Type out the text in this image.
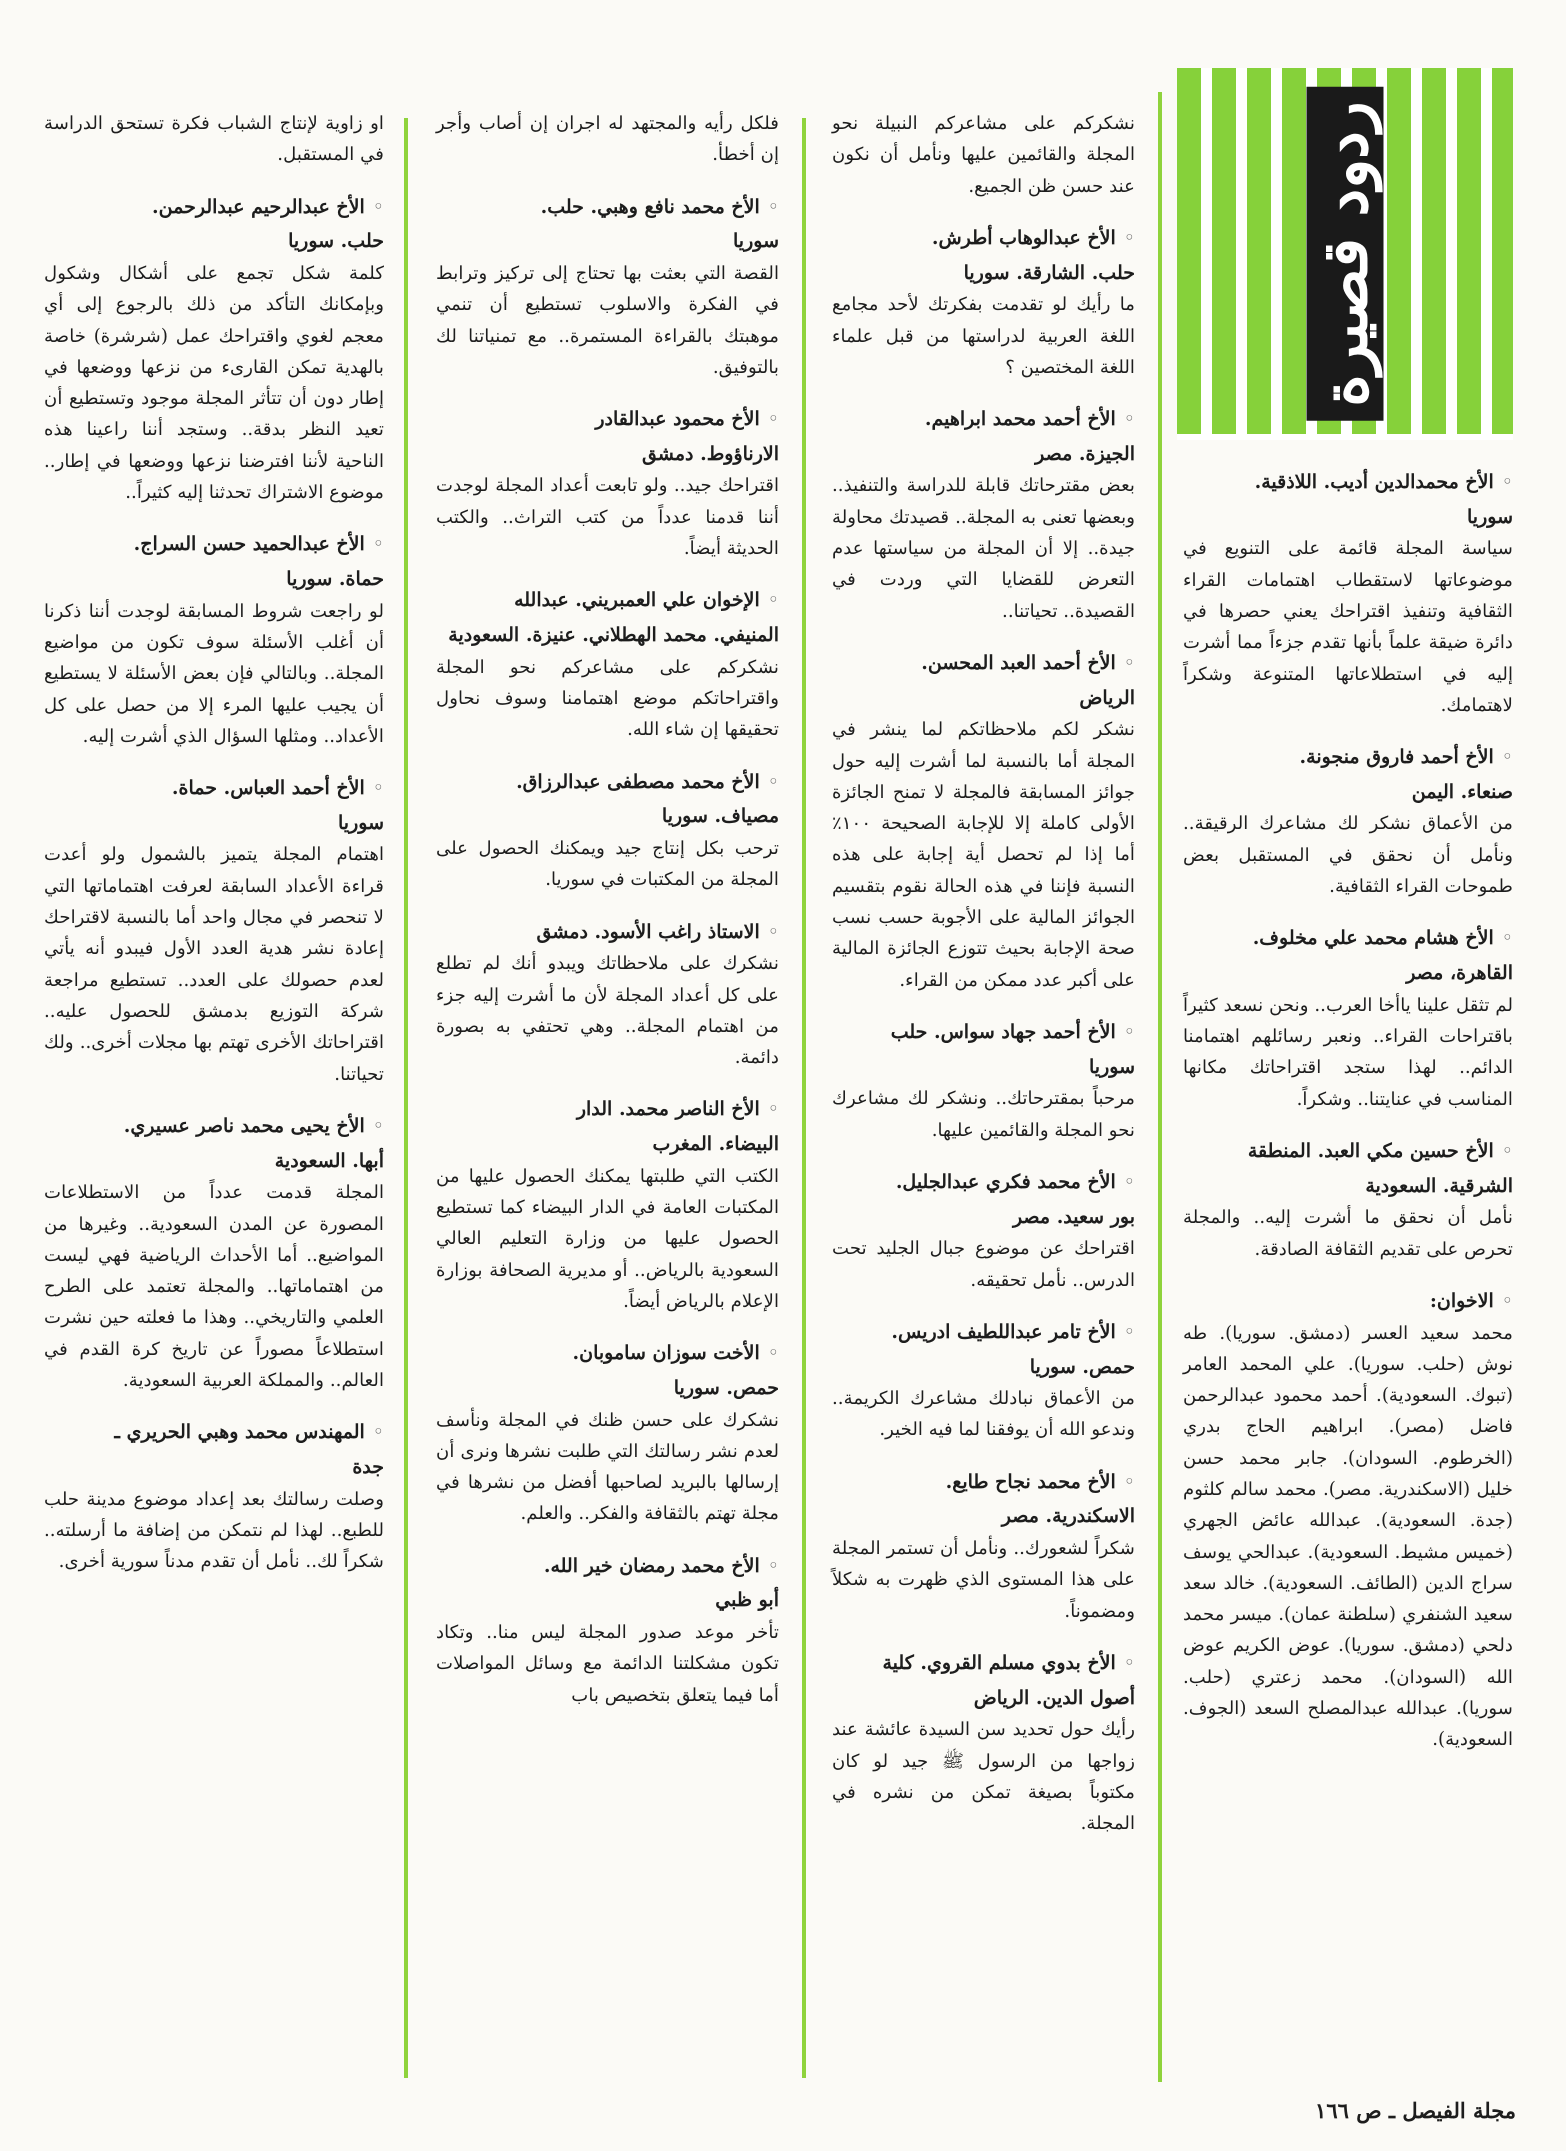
ردود قصيرة

◦الأخ محمدالدين أديب. اللاذقية.

سوريا

سياسة المجلة قائمة على التنويع في موضوعاتها لاستقطاب اهتمامات القراء الثقافية وتنفيذ اقتراحك يعني حصرها في دائرة ضيقة علماً بأنها تقدم جزءاً مما أشرت إليه في استطلاعاتها المتنوعة وشكراً لاهتمامك.

◦الأخ أحمد فاروق منجونة.

صنعاء. اليمن

من الأعماق نشكر لك مشاعرك الرقيقة.. ونأمل أن نحقق في المستقبل بعض طموحات القراء الثقافية.

◦الأخ هشام محمد علي مخلوف.

القاهرة، مصر

لم تثقل علينا ياأخا العرب.. ونحن نسعد كثيراً باقتراحات القراء.. ونعبر رسائلهم اهتمامنا الدائم.. لهذا ستجد اقتراحاتك مكانها المناسب في عنايتنا.. وشكراً.

◦الأخ حسين مكي العبد. المنطقة

الشرقية. السعودية

نأمل أن نحقق ما أشرت إليه.. والمجلة تحرص على تقديم الثقافة الصادقة.

◦الاخوان:

محمد سعيد العسر (دمشق. سوريا). طه نوش (حلب. سوريا). علي المحمد العامر (تبوك. السعودية). أحمد محمود عبدالرحمن فاضل (مصر). ابراهيم الحاج بدري (الخرطوم. السودان). جابر محمد حسن خليل (الاسكندرية. مصر). محمد سالم كلثوم (جدة. السعودية). عبدالله عائض الجهري (خميس مشيط. السعودية). عبدالحي يوسف سراج الدين (الطائف. السعودية). خالد سعد سعيد الشنفري (سلطنة عمان). ميسر محمد دلحي (دمشق. سوريا). عوض الكريم عوض الله (السودان). محمد زعتري (حلب. سوريا). عبدالله عبدالمصلح السعد (الجوف. السعودية).

نشكركم على مشاعركم النبيلة نحو المجلة والقائمين عليها ونأمل أن نكون عند حسن ظن الجميع.

◦الأخ عبدالوهاب أطرش.

حلب. الشارقة. سوريا

ما رأيك لو تقدمت بفكرتك لأحد مجامع اللغة العربية لدراستها من قبل علماء اللغة المختصين ؟

◦الأخ أحمد محمد ابراهيم.

الجيزة. مصر

بعض مقترحاتك قابلة للدراسة والتنفيذ.. وبعضها تعنى به المجلة.. قصيدتك محاولة جيدة.. إلا أن المجلة من سياستها عدم التعرض للقضايا التي وردت في القصيدة.. تحياتنا..

◦الأخ أحمد العبد المحسن.

الرياض

نشكر لكم ملاحظاتكم لما ينشر في المجلة أما بالنسبة لما أشرت إليه حول جوائز المسابقة فالمجلة لا تمنح الجائزة الأولى كاملة إلا للإجابة الصحيحة ١٠٠٪ أما إذا لم تحصل أية إجابة على هذه النسبة فإننا في هذه الحالة نقوم بتقسيم الجوائز المالية على الأجوبة حسب نسب صحة الإجابة بحيث تتوزع الجائزة المالية على أكبر عدد ممكن من القراء.

◦الأخ أحمد جهاد سواس. حلب

سوريا

مرحباً بمقترحاتك.. ونشكر لك مشاعرك نحو المجلة والقائمين عليها.

◦الأخ محمد فكري عبدالجليل.

بور سعيد. مصر

اقتراحك عن موضوع جبال الجليد تحت الدرس.. نأمل تحقيقه.

◦الأخ تامر عبداللطيف ادريس.

حمص. سوريا

من الأعماق نبادلك مشاعرك الكريمة.. وندعو الله أن يوفقنا لما فيه الخير.

◦الأخ محمد نجاح طايع.

الاسكندرية. مصر

شكراً لشعورك.. ونأمل أن تستمر المجلة على هذا المستوى الذي ظهرت به شكلاً ومضموناً.

◦الأخ بدوي مسلم القروي. كلية

أصول الدين. الرياض

رأيك حول تحديد سن السيدة عائشة عند زواجها من الرسول ﷺ جيد لو كان مكتوباً بصيغة تمكن من نشره في المجلة.

فلكل رأيه والمجتهد له اجران إن أصاب وأجر إن أخطأ.

◦الأخ محمد نافع وهبي. حلب.

سوريا

القصة التي بعثت بها تحتاج إلى تركيز وترابط في الفكرة والاسلوب تستطيع أن تنمي موهبتك بالقراءة المستمرة.. مع تمنياتنا لك بالتوفيق.

◦الأخ محمود عبدالقادر

الارناؤوط. دمشق

اقتراحك جيد.. ولو تابعت أعداد المجلة لوجدت أننا قدمنا عدداً من كتب التراث.. والكتب الحديثة أيضاً.

◦الإخوان علي العمبريني. عبدالله

المنيفي. محمد الهطلاني. عنيزة. السعودية

نشكركم على مشاعركم نحو المجلة واقتراحاتكم موضع اهتمامنا وسوف نحاول تحقيقها إن شاء الله.

◦الأخ محمد مصطفى عبدالرزاق.

مصياف. سوريا

ترحب بكل إنتاج جيد ويمكنك الحصول على المجلة من المكتبات في سوريا.

◦الاستاذ راغب الأسود. دمشق

نشكرك على ملاحظاتك ويبدو أنك لم تطلع على كل أعداد المجلة لأن ما أشرت إليه جزء من اهتمام المجلة.. وهي تحتفي به بصورة دائمة.

◦الأخ الناصر محمد. الدار

البيضاء. المغرب

الكتب التي طلبتها يمكنك الحصول عليها من المكتبات العامة في الدار البيضاء كما تستطيع الحصول عليها من وزارة التعليم العالي السعودية بالرياض.. أو مديرية الصحافة بوزارة الإعلام بالرياض أيضاً.

◦الأخت سوزان ساموبان.

حمص. سوريا

نشكرك على حسن ظنك في المجلة ونأسف لعدم نشر رسالتك التي طلبت نشرها ونرى أن إرسالها بالبريد لصاحبها أفضل من نشرها في مجلة تهتم بالثقافة والفكر.. والعلم.

◦الأخ محمد رمضان خير الله.

أبو ظبي

تأخر موعد صدور المجلة ليس منا.. وتكاد تكون مشكلتنا الدائمة مع وسائل المواصلات أما فيما يتعلق بتخصيص باب

او زاوية لإنتاج الشباب فكرة تستحق الدراسة في المستقبل.

◦الأخ عبدالرحيم عبدالرحمن.

حلب. سوريا

كلمة شكل تجمع على أشكال وشكول وبإمكانك التأكد من ذلك بالرجوع إلى أي معجم لغوي واقتراحك عمل (شرشرة) خاصة بالهدية تمكن القارىء من نزعها ووضعها في إطار دون أن تتأثر المجلة موجود وتستطيع أن تعيد النظر بدقة.. وستجد أننا راعينا هذه الناحية لأننا افترضنا نزعها ووضعها في إطار.. موضوع الاشتراك تحدثنا إليه كثيراً..

◦الأخ عبدالحميد حسن السراج.

حماة. سوريا

لو راجعت شروط المسابقة لوجدت أننا ذكرنا أن أغلب الأسئلة سوف تكون من مواضيع المجلة.. وبالتالي فإن بعض الأسئلة لا يستطيع أن يجيب عليها المرء إلا من حصل على كل الأعداد.. ومثلها السؤال الذي أشرت إليه.

◦الأخ أحمد العباس. حماة.

سوريا

اهتمام المجلة يتميز بالشمول ولو أعدت قراءة الأعداد السابقة لعرفت اهتماماتها التي لا تنحصر في مجال واحد أما بالنسبة لاقتراحك إعادة نشر هدية العدد الأول فيبدو أنه يأتي لعدم حصولك على العدد.. تستطيع مراجعة شركة التوزيع بدمشق للحصول عليه.. اقتراحاتك الأخرى تهتم بها مجلات أخرى.. ولك تحياتنا.

◦الأخ يحيى محمد ناصر عسيري.

أبها. السعودية

المجلة قدمت عدداً من الاستطلاعات المصورة عن المدن السعودية.. وغيرها من المواضيع.. أما الأحداث الرياضية فهي ليست من اهتماماتها.. والمجلة تعتمد على الطرح العلمي والتاريخي.. وهذا ما فعلته حين نشرت استطلاعاً مصوراً عن تاريخ كرة القدم في العالم.. والمملكة العربية السعودية.

◦المهندس محمد وهبي الحريري ـ

جدة

وصلت رسالتك بعد إعداد موضوع مدينة حلب للطبع.. لهذا لم نتمكن من إضافة ما أرسلته.. شكراً لك.. نأمل أن تقدم مدناً سورية أخرى.

مجلة الفيصل ـ ص ١٦٦
